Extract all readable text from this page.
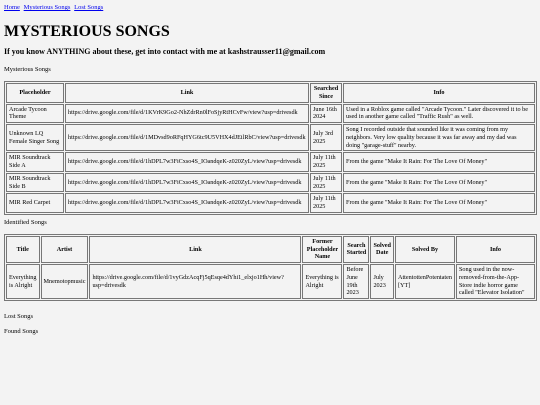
Home Mysterious Songs Lost Songs
MYSTERIOUS SONGS
If you know ANYTHING about these, get into contact with me at kashstrausser11@gmail.com
Mysterious Songs
Placeholder	Link	Searched Since	Info
Arcade Tycoon Theme	https://drive.google.com/file/d/1KVrK9Go2-NhZdrRn0lFoSjyRtHCvFw/view?usp=drivesdk	June 16th 2024	Used in a Roblox game called "Arcade Tycoon." Later discovered it to be used in another game called "Traffic Rush" as well.
Unknown LQ Female Singer Song	https://drive.google.com/file/d/1MDvsd9oRFqHYG6tc9U5VHX4dJEilRbC/view?usp=drivesdk	July 3rd 2025	Song I recorded outside that sounded like it was coming from my neighbors. Very low quality because it was far away and my dad was doing "garage-stuff" nearby.
MIR Soundtrack Side A	https://drive.google.com/file/d/1hDPL7w3FiCxso4S_IOandqeK-z020ZyL/view?usp=drivesdk	July 11th 2025	From the game "Make It Rain: For The Love Of Money"
MIR Soundtrack Side B	https://drive.google.com/file/d/1hDPL7w3FiCxso4S_IOandqeK-z020ZyL/view?usp=drivesdk	July 11th 2025	From the game "Make It Rain: For The Love Of Money"
MIR Red Carpet	https://drive.google.com/file/d/1hDPL7w3FiCxso4S_IOandqeK-z020ZyL/view?usp=drivesdk	July 11th 2025	From the game "Make It Rain: For The Love Of Money"
Identified Songs
Title	Artist	Link	Former Placeholder Name	Search Started	Solved Date	Solved By	Info
Everything is Alright	Mnemotopmusic	https://drive.google.com/file/d/1vyGdzAcqFj5qEsqe4dYhi1_elxjo1Hh/view?usp=drivesdk	Everything is Alright	Before June 19th 2023	July 2023	AttentottenPotentaten [YT]	Song used in the now-removed-from-the-App-Store indie horror game called "Elevator Isolation"
Lost Songs
Found Songs
